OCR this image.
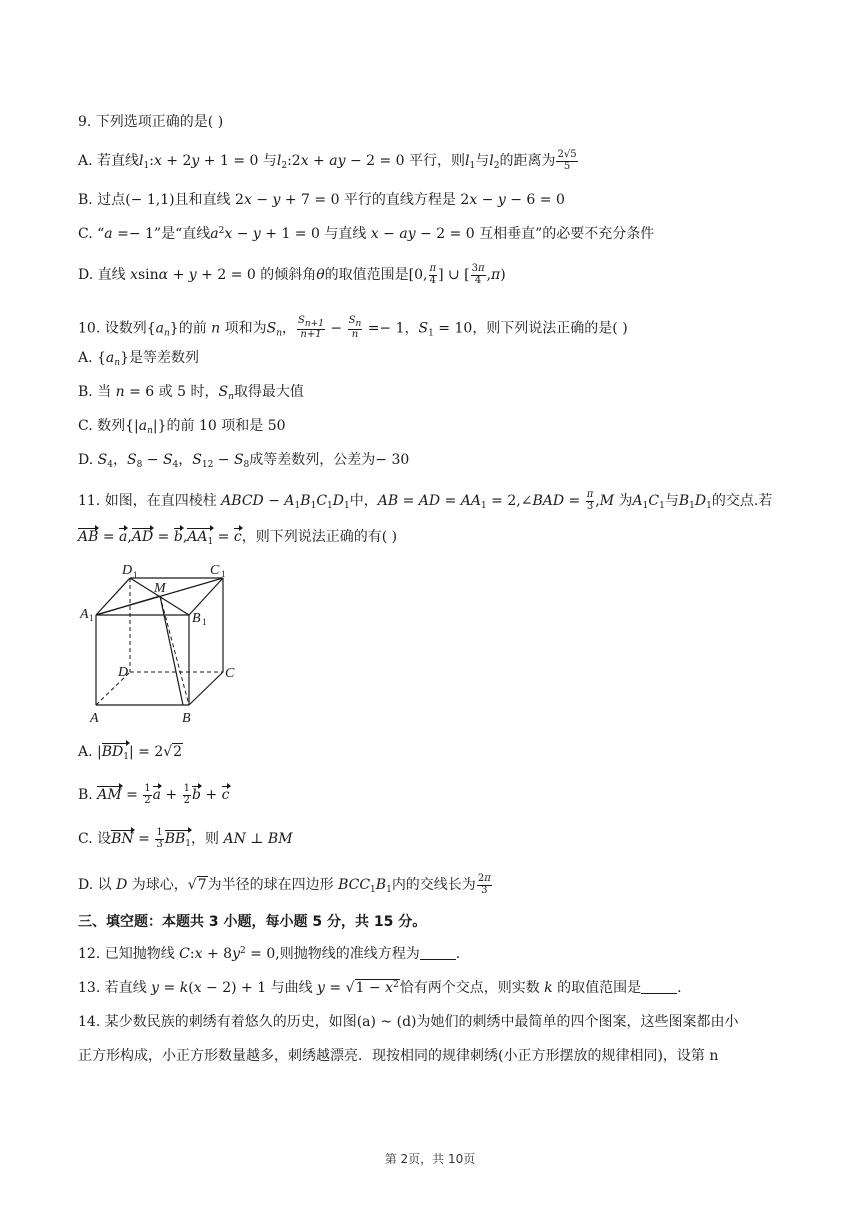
9. 下列选项正确的是( )
A. 若直线$l_1:x + 2y + 1 = 0$ 与$l_2:2x$ + ay − 2 = 0 平行，则$l_1$与$l_2$的距离为 $\frac{2√5}{5}$
B. 过点(− 1,1)且和直线 2x − y + 7 = 0 平行的直线方程是 2x − y − 6 = 0
C. “a =− 1”是“直线$a^2x - y + 1 = 0$ 与直线 x − ay − 2 = 0 互相垂直”的必要不充分条件
D. 直线 xsinα + y + 2 = 0 的倾斜角θ的取值范围是[0, $\frac{\pi}{4}$ ] ∪ [ $\frac{3\pi}{4} ,\pi$)
10. 设数列$\{a_n\}$的前 n 项和为$S_n$， $\frac{S_{n+1}}{n+1} - \frac{S_n}{n} =- 1$，$S_1 = 10$，则下列说法正确的是( )
A. $\{a_n\}$是等差数列
B. 当 n = 6 或 5 时，$S_n$取得最大值
C. 数列$\{|a_n|\}$的前 10 项和是 50
D. $S_4$，$S_8 - S_4$，$S_{12} - S_8$成等差数列，公差为− 30
11. 如图，在直四棱柱 ABCD − $A_1B_1C_1D_1$中，AB = AD = $AA_1$ = 2,∠BAD = $\frac{\pi}{3} ,M$ 为$A_1C_1$与$B_1D_1$的交点.若
AB = $a,AD = b,AA_1 = c$，则下列说法正确的有( )
D 1	C 1
M
A 1	B 1
D	C
A	B
A. $|BD_1| = 2√2$
B. AM = $\frac{1}{2}$ $a + \frac{1}{2}$ b + c
C. 设BN = $\frac{1}{3} BB_1$，则 AN ⊥ BM
D. 以 D 为球心，√7为半径的球在四边形 $BCC_1B_1$内的交线长为 $\frac{2\pi}{3}$
三、填空题：本题共 3 小题，每小题 5 分，共 15 分。
12. 已知抛物线 C:x + $8y^2 = 0$,则抛物线的准线方程为	.
13. 若直线 y = k(x − 2) + 1 与曲线 $y = √1 - x^2$恰有两个交点，则实数 k 的取值范围是	.
14. 某少数民族的刺绣有着悠久的历史，如图(a) ~ (d)为她们的刺绣中最简单的四个图案，这些图案都由小
正方形构成，小正方形数量越多，刺绣越漂亮．现按相同的规律刺绣(小正方形摆放的规律相同)，设第 n
第 2页，共 10页
